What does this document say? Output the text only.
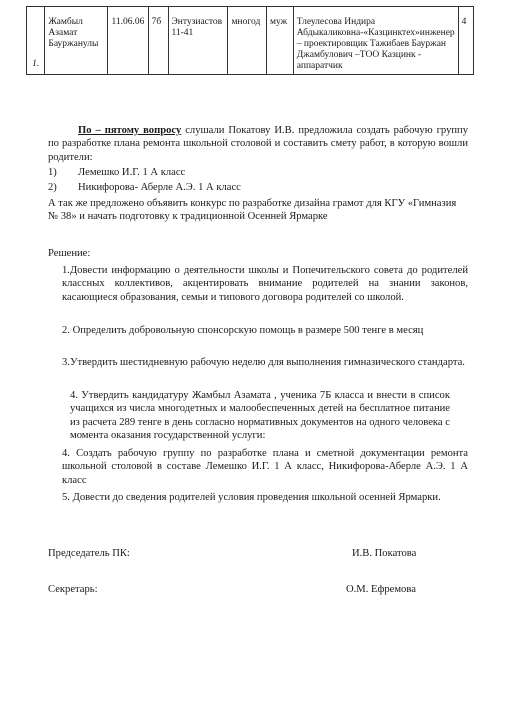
1.	Жамбыл Азамат Бауржанулы	11.06.06	7б	Энтузиастов 11-41	многод	муж	Тлеулесова Индира Абдыкаликовна-«Казцинктех»инженер – проектировщик Тажибаев Бауржан Джамбулович –ТОО Казцинк - аппаратчик	4
По – пятому вопросу слушали Покатову И.В. предложила создать рабочую группу по разработке плана ремонта школьной столовой и составить смету работ, в которую вошли родители:
1)	Лемешко И.Г. 1 А класс
2)	Никифорова- Аберле А.Э. 1 А класс
А так же предложено объявить конкурс по разработке дизайна грамот для КГУ «Гимназия № 38» и начать подготовку к традиционной Осенней Ярмарке
Решение:
1.Довести информацию о деятельности школы и Попечительского совета до родителей классных коллективов, акцентировать внимание родителей на знании законов, касающиеся образования, семьи и типового договора родителей со школой.
2. Определить добровольную спонсорскую помощь в размере 500 тенге в месяц
3.Утвердить шестидневную рабочую неделю для выполнения гимназического стандарта.
4. Утвердить кандидатуру Жамбыл Азамата , ученика 7Б класса и внести в список учащихся из числа многодетных и малообеспеченных детей на бесплатное питание из расчета 289 тенге в день согласно нормативных документов на одного человека с момента оказания государственной услуги:
4. Создать рабочую группу по разработке плана и сметной документации ремонта школьной столовой в составе Лемешко И.Г. 1 А класс, Никифорова-Аберле А.Э. 1 А класс
5. Довести до сведения родителей условия проведения школьной осенней Ярмарки.
Председатель ПК:	И.В. Покатова
Секретарь:	О.М. Ефремова
